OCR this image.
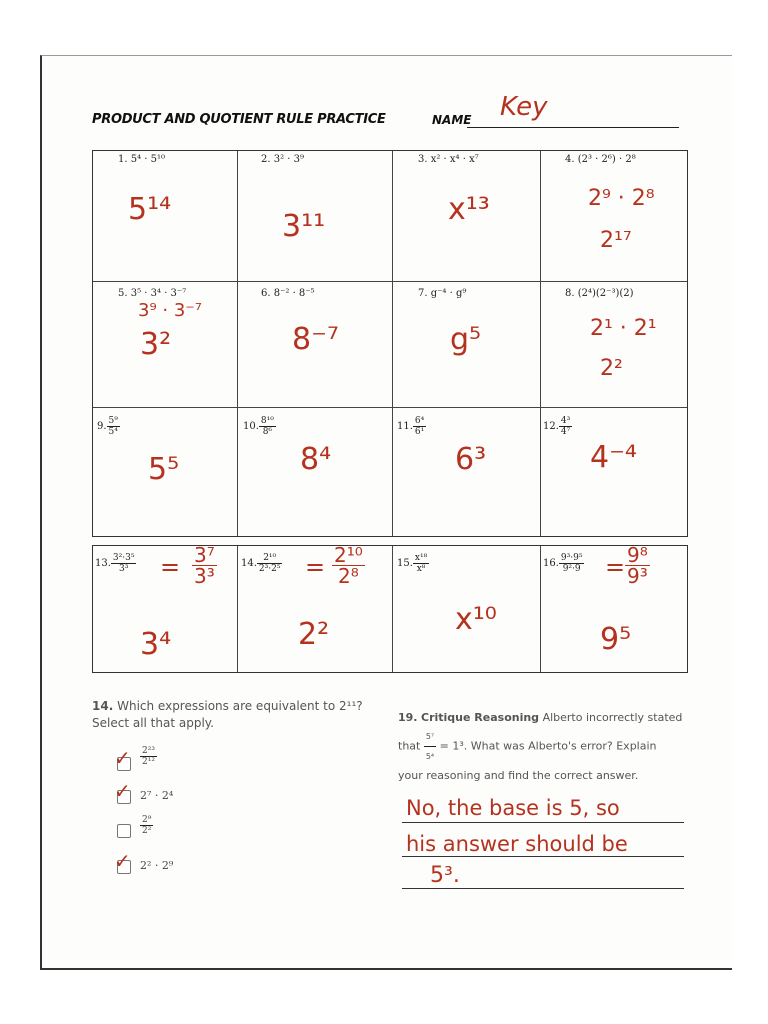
PRODUCT AND QUOTIENT RULE PRACTICE	NAME Key
1. 5⁴ · 5¹⁰
5¹⁴
2. 3² · 3⁹
3¹¹
3. x² · x⁴ · x⁷
x¹³
4. (2³ · 2⁶) · 2⁸
2⁹ · 2⁸
2¹⁷
5. 3⁵ · 3⁴ · 3⁻⁷
3⁹ · 3⁻⁷
3²
6. 8⁻² · 8⁻⁵
8⁻⁷
7. g⁻⁴ · g⁹
g⁵
8. (2⁴)(2⁻³)(2)
2¹ · 2¹
2²
9. $\frac{\text{5⁹}}{\text{5⁴}}$
5⁵
10. $\frac{\text{8¹⁰}}{\text{8⁶}}$
8⁴
11. $\frac{\text{6⁴}}{\text{6¹}}$
6³
12. $\frac{\text{4³}}{\text{4⁷}}$
4⁻⁴
13. $\frac{\text{3²·3⁵}}{\text{3³}} = \frac{\text{3⁷}}{\text{3³}}$
3⁴
14. $\frac{\text{2¹⁰}}{\text{2³·2⁵}} = \frac{\text{2¹⁰}}{\text{2⁸}}$
2²
15. $\frac{\text{x¹⁸}}{\text{x⁸}}$
x¹⁰
16. $\frac{\text{9³·9⁵}}{\text{9²·9}} = \frac{\text{9⁸}}{\text{9³}}$
9⁵
14. Which expressions are equivalent to 2¹¹?
Select all that apply.
✓ $\frac{\text{2²³}}{\text{2¹²}}$
✓ 2⁷ · 2⁴
$\frac{\text{2⁹}}{\text{2²}}$
✓ 2² · 2⁹
19. Critique Reasoning Alberto incorrectly stated
that $\frac{\text{5⁷}}{\text{5⁴}} = 1^3$. What was Alberto's error? Explain
your reasoning and find the correct answer.
No, the base is 5, so
his answer should be
5³.
